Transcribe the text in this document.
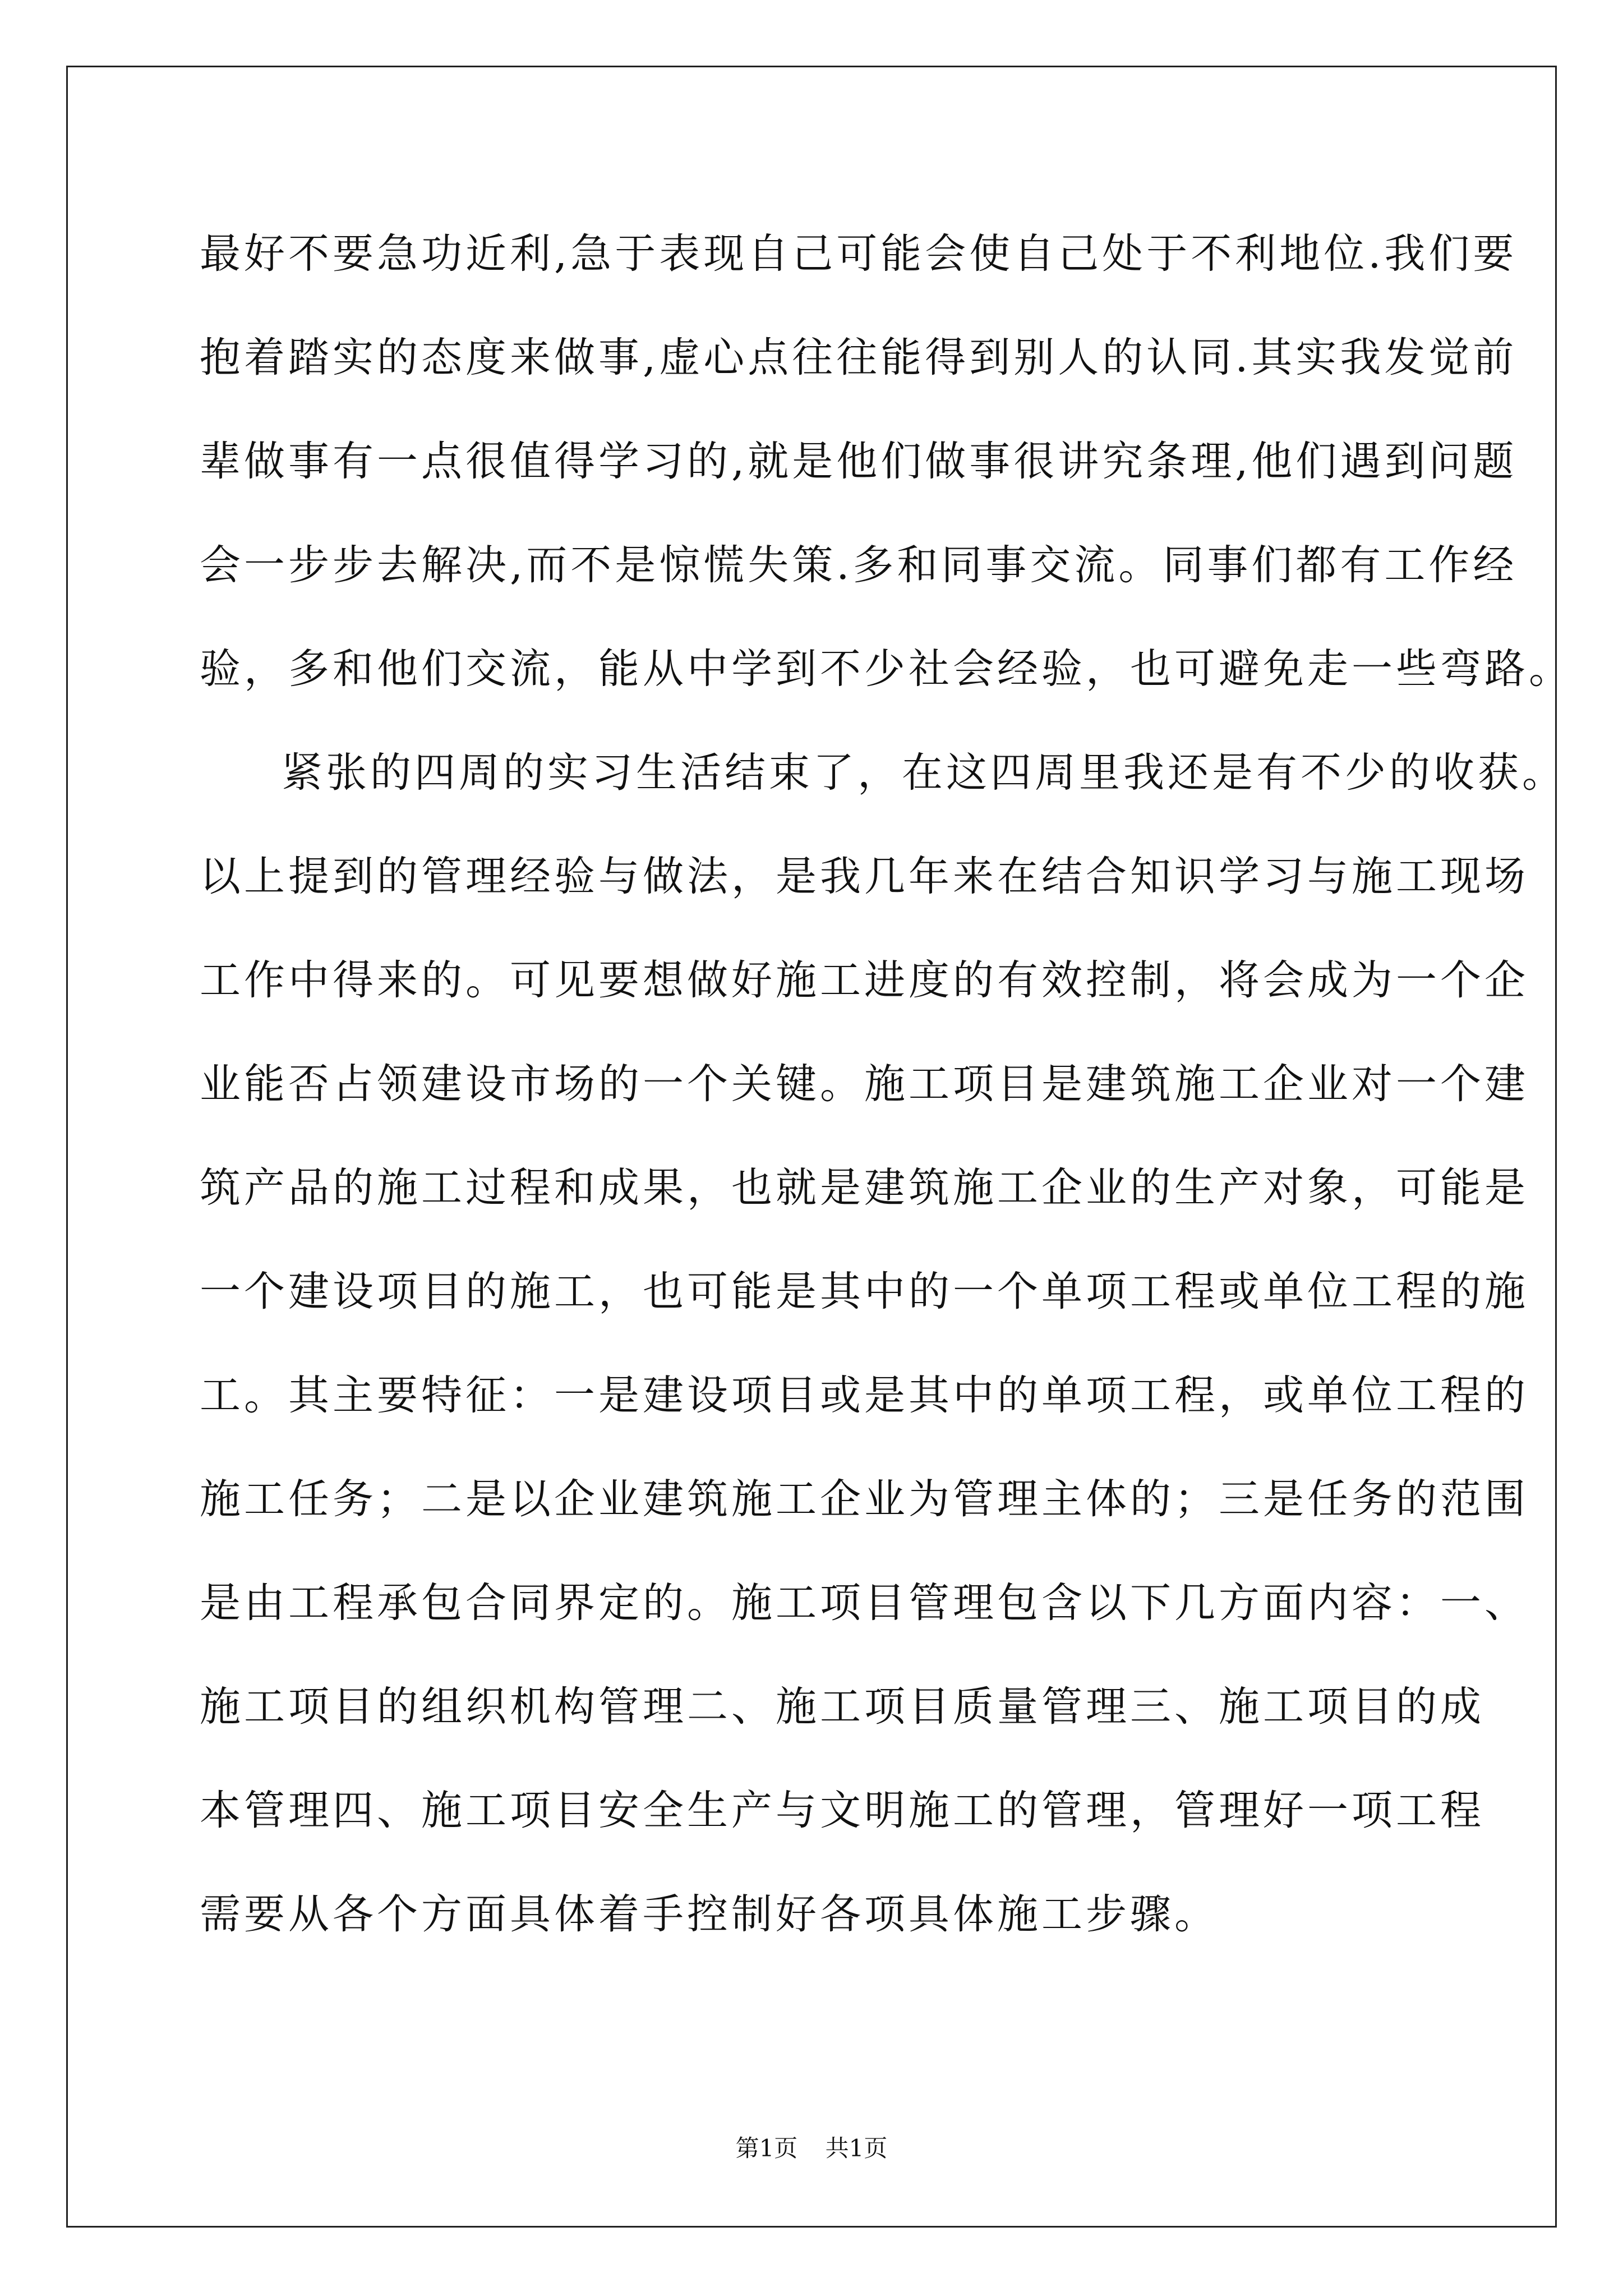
最好不要急功近利,急于表现自己可能会使自己处于不利地位.我们要
抱着踏实的态度来做事,虚心点往往能得到别人的认同.其实我发觉前
辈做事有一点很值得学习的,就是他们做事很讲究条理,他们遇到问题
会一步步去解决,而不是惊慌失策.多和同事交流。同事们都有工作经
验，多和他们交流，能从中学到不少社会经验，也可避免走一些弯路。
紧张的四周的实习生活结束了，在这四周里我还是有不少的收获。
以上提到的管理经验与做法，是我几年来在结合知识学习与施工现场
工作中得来的。可见要想做好施工进度的有效控制，将会成为一个企
业能否占领建设市场的一个关键。施工项目是建筑施工企业对一个建
筑产品的施工过程和成果，也就是建筑施工企业的生产对象，可能是
一个建设项目的施工，也可能是其中的一个单项工程或单位工程的施
工。其主要特征：一是建设项目或是其中的单项工程，或单位工程的
施工任务；二是以企业建筑施工企业为管理主体的；三是任务的范围
是由工程承包合同界定的。施工项目管理包含以下几方面内容：一、
施工项目的组织机构管理二、施工项目质量管理三、施工项目的成
本管理四、施工项目安全生产与文明施工的管理，管理好一项工程
需要从各个方面具体着手控制好各项具体施工步骤。
第1页 共1页
